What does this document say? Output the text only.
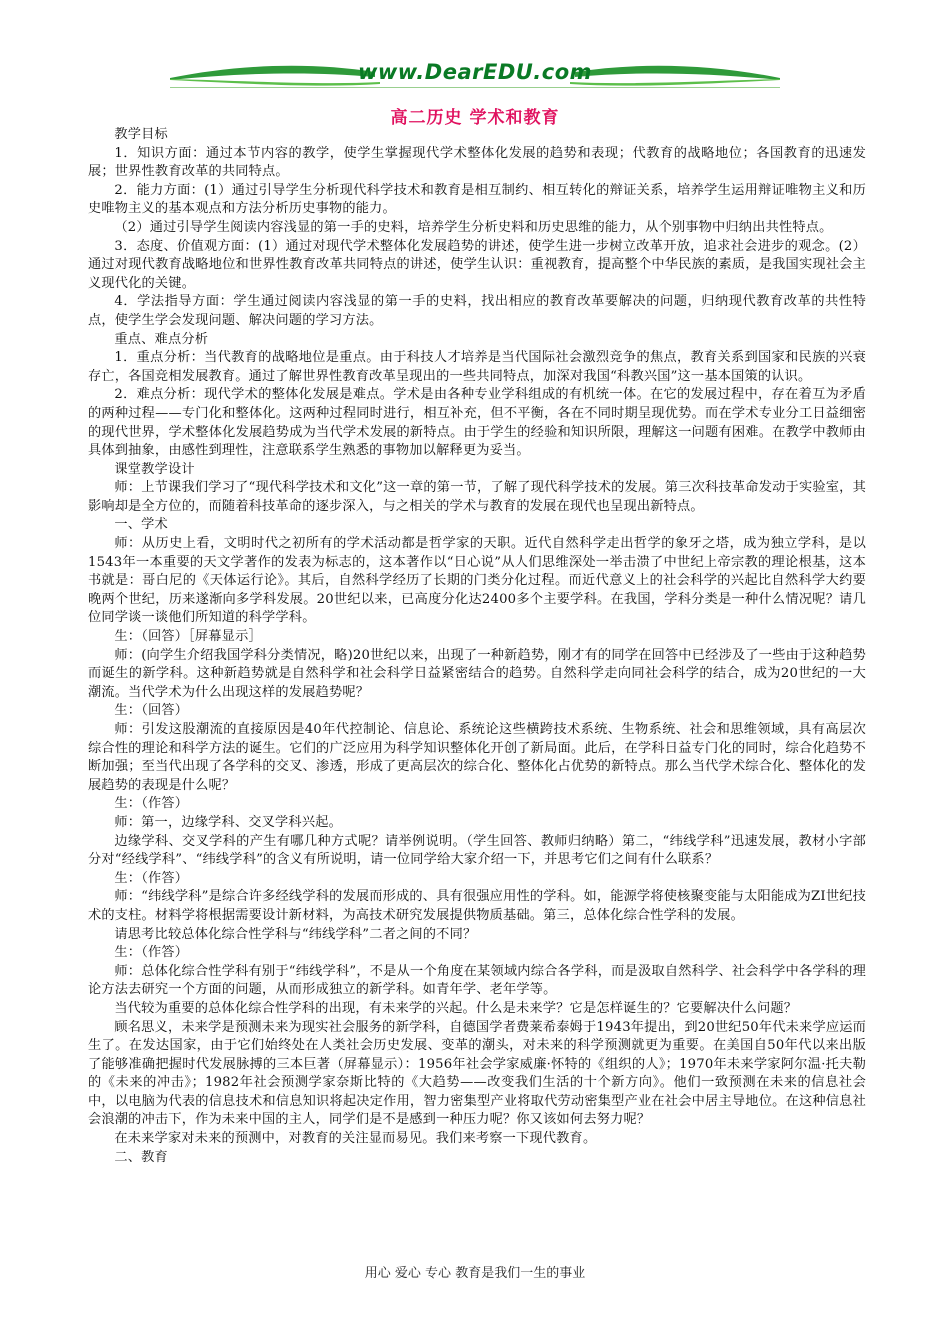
www.DearEDU.com
高二历史 学术和教育

教学目标

1．知识方面：通过本节内容的教学，使学生掌握现代学术整体化发展的趋势和表现；代教育的战略地位；各国教育的迅速发展；世界性教育改革的共同特点。

2．能力方面：(1）通过引导学生分析现代科学技术和教育是相互制约、相互转化的辩证关系，培养学生运用辩证唯物主义和历史唯物主义的基本观点和方法分析历史事物的能力。

（2）通过引导学生阅读内容浅显的第一手的史料，培养学生分析史料和历史思维的能力，从个别事物中归纳出共性特点。

3．态度、价值观方面：(1）通过对现代学术整体化发展趋势的讲述，使学生进一步树立改革开放，追求社会进步的观念。(2）通过对现代教育战略地位和世界性教育改革共同特点的讲述，使学生认识：重视教育，提高整个中华民族的素质，是我国实现社会主义现代化的关键。

4．学法指导方面：学生通过阅读内容浅显的第一手的史料，找出相应的教育改革要解决的问题，归纳现代教育改革的共性特点，使学生学会发现问题、解决问题的学习方法。

重点、难点分析

1．重点分析：当代教育的战略地位是重点。由于科技人才培养是当代国际社会激烈竞争的焦点，教育关系到国家和民族的兴衰存亡，各国竞相发展教育。通过了解世界性教育改革呈现出的一些共同特点，加深对我国“科教兴国”这一基本国策的认识。

2．难点分析：现代学术的整体化发展是难点。学术是由各种专业学科组成的有机统一体。在它的发展过程中，存在着互为矛盾的两种过程——专门化和整体化。这两种过程同时进行，相互补充，但不平衡，各在不同时期呈现优势。而在学术专业分工日益细密的现代世界，学术整体化发展趋势成为当代学术发展的新特点。由于学生的经验和知识所限，理解这一问题有困难。在教学中教师由具体到抽象，由感性到理性，注意联系学生熟悉的事物加以解释更为妥当。

课堂教学设计

师：上节课我们学习了“现代科学技术和文化”这一章的第一节，了解了现代科学技术的发展。第三次科技革命发动于实验室，其影响却是全方位的，而随着科技革命的逐步深入，与之相关的学术与教育的发展在现代也呈现出新特点。

一、学术

师：从历史上看，文明时代之初所有的学术活动都是哲学家的天职。近代自然科学走出哲学的象牙之塔，成为独立学科，是以1543年一本重要的天文学著作的发表为标志的，这本著作以“日心说”从人们思维深处一举击溃了中世纪上帝宗教的理论根基，这本书就是：哥白尼的《天体运行论》。其后，自然科学经历了长期的门类分化过程。而近代意义上的社会科学的兴起比自然科学大约要晚两个世纪，历来遂渐向多学科发展。20世纪以来，已高度分化达2400多个主要学科。在我国，学科分类是一种什么情况呢？请几位同学谈一谈他们所知道的科学学科。

生：（回答）［屏幕显示］

师：(向学生介绍我国学科分类情况，略)20世纪以来，出现了一种新趋势，刚才有的同学在回答中已经涉及了一些由于这种趋势而诞生的新学科。这种新趋势就是自然科学和社会科学日益紧密结合的趋势。自然科学走向同社会科学的结合，成为20世纪的一大潮流。当代学术为什么出现这样的发展趋势呢？

生：（回答）

师：引发这股潮流的直接原因是40年代控制论、信息论、系统论这些横跨技术系统、生物系统、社会和思维领域，具有高层次综合性的理论和科学方法的诞生。它们的广泛应用为科学知识整体化开创了新局面。此后，在学科日益专门化的同时，综合化趋势不断加强；至当代出现了各学科的交叉、渗透，形成了更高层次的综合化、整体化占优势的新特点。那么当代学术综合化、整体化的发展趋势的表现是什么呢？

生：（作答）

师：第一，边缘学科、交叉学科兴起。

边缘学科、交叉学科的产生有哪几种方式呢？请举例说明。（学生回答、教师归纳略）第二，“纬线学科”迅速发展，教材小字部分对“经线学科”、“纬线学科”的含义有所说明，请一位同学给大家介绍一下，并思考它们之间有什么联系？

生：（作答）

师：“纬线学科”是综合许多经线学科的发展而形成的、具有很强应用性的学科。如，能源学将使核聚变能与太阳能成为ZI世纪技术的支柱。材料学将根据需要设计新材料，为高技术研究发展提供物质基础。第三，总体化综合性学科的发展。

请思考比较总体化综合性学科与“纬线学科”二者之间的不同？

生：（作答）

师：总体化综合性学科有别于“纬线学科”，不是从一个角度在某领域内综合各学科，而是汲取自然科学、社会科学中各学科的理论方法去研究一个方面的问题，从而形成独立的新学科。如青年学、老年学等。

当代较为重要的总体化综合性学科的出现，有未来学的兴起。什么是未来学？它是怎样诞生的？它要解决什么问题？

顾名思义，未来学是预测未来为现实社会服务的新学科，自德国学者费莱希泰姆于1943年提出，到20世纪50年代未来学应运而生了。在发达国家，由于它们始终处在人类社会历史发展、变革的潮头，对未来的科学预测就更为重要。在美国自50年代以来出版了能够准确把握时代发展脉搏的三本巨著（屏幕显示）：1956年社会学家威廉·怀特的《组织的人》；1970年未来学家阿尔温·托夫勒的《未来的冲击》；1982年社会预测学家奈斯比特的《大趋势——改变我们生活的十个新方向》。他们一致预测在未来的信息社会中，以电脑为代表的信息技术和信息知识将起决定作用，智力密集型产业将取代劳动密集型产业在社会中居主导地位。在这种信息社会浪潮的冲击下，作为未来中国的主人，同学们是不是感到一种压力呢？你又该如何去努力呢？

在未来学家对未来的预测中，对教育的关注显而易见。我们来考察一下现代教育。

二、教育

用心 爱心 专心 教育是我们一生的事业
